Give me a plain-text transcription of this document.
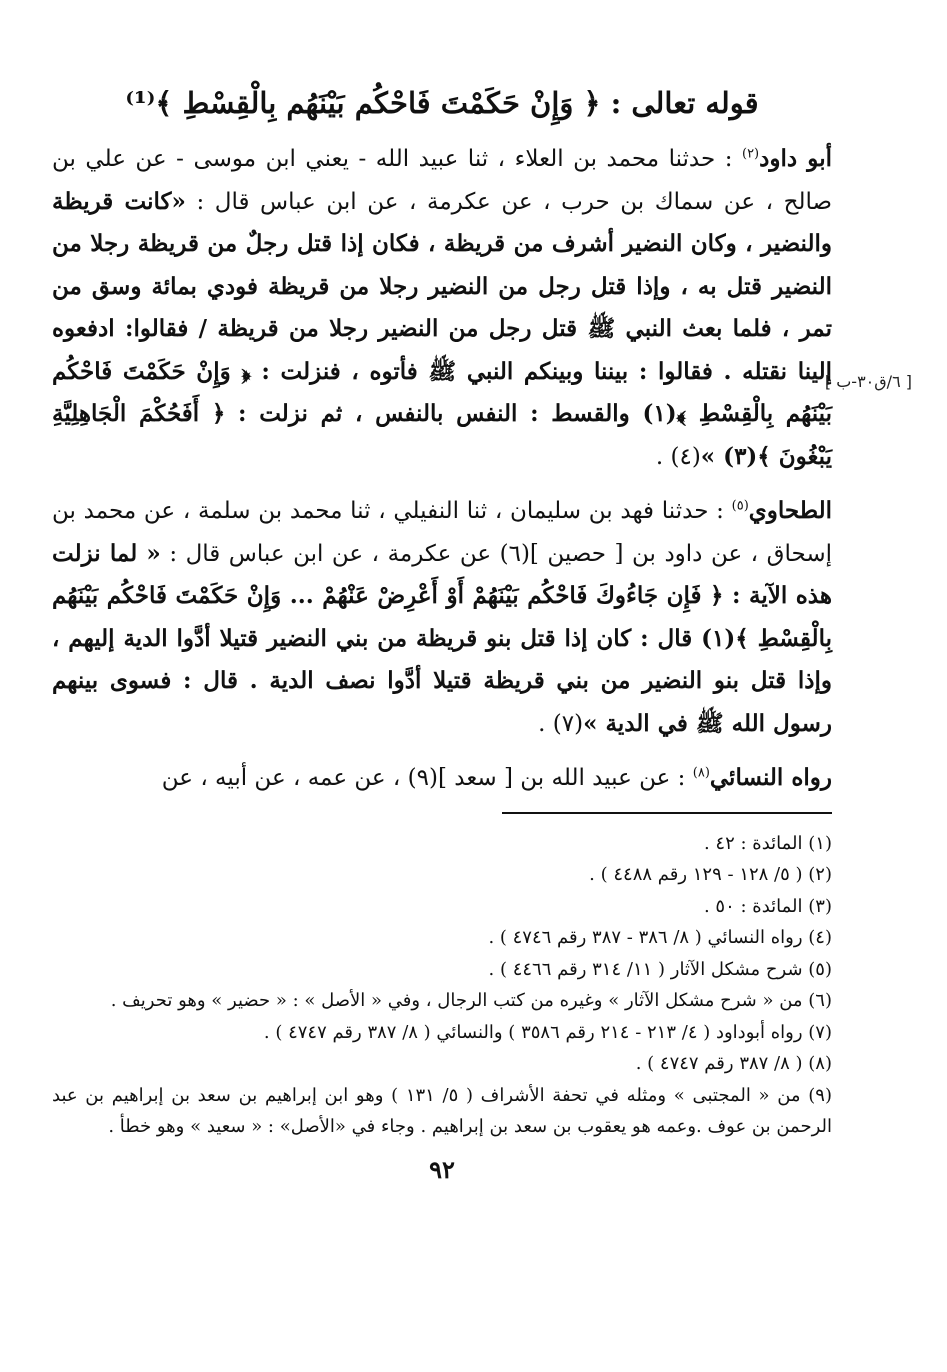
[ ٦/ق٣٠-ب ]
قوله تعالى : ﴿ وَإِنْ حَكَمْتَ فَاحْكُم بَيْنَهُم بِالْقِسْطِ ﴾⁽¹⁾

أبو داود$^{(٢)}$ : حدثنا محمد بن العلاء ، ثنا عبيد الله - يعني ابن موسى - عن علي بن صالح ، عن سماك بن حرب ، عن عكرمة ، عن ابن عباس قال : «كانت قريظة والنضير ، وكان النضير أشرف من قريظة ، فكان إذا قتل رجلٌ من قريظة رجلا من النضير قتل به ، وإذا قتل رجل من النضير رجلا من قريظة فودي بمائة وسق من تمر ، فلما بعث النبي ﷺ قتل رجل من النضير رجلا من قريظة / فقالوا: ادفعوه إلينا نقتله . فقالوا : بيننا وبينكم النبي ﷺ فأتوه ، فنزلت : ﴿ وَإِنْ حَكَمْتَ فَاحْكُم بَيْنَهُم بِالْقِسْطِ ﴾(١) والقسط : النفس بالنفس ، ثم نزلت : ﴿ أَفَحُكْمَ الْجَاهِلِيَّةِ يَبْغُونَ ﴾(٣) »(٤) .

الطحاوي$^{(٥)}$ : حدثنا فهد بن سليمان ، ثنا النفيلي ، ثنا محمد بن سلمة ، عن محمد بن إسحاق ، عن داود بن [ حصين ](٦) عن عكرمة ، عن ابن عباس قال : « لما نزلت هذه الآية : ﴿ فَإِن جَاءُوكَ فَاحْكُم بَيْنَهُمْ أَوْ أَعْرِضْ عَنْهُمْ ... وَإِنْ حَكَمْتَ فَاحْكُم بَيْنَهُم بِالْقِسْطِ ﴾(١) قال : كان إذا قتل بنو قريظة من بني النضير قتيلا أدَّوا الدية إليهم ، وإذا قتل بنو النضير من بني قريظة قتيلا أدَّوا نصف الدية . قال : فسوى بينهم رسول الله ﷺ في الدية »(٧) .

رواه النسائي$^{(٨)}$ : عن عبيد الله بن [ سعد ](٩) ، عن عمه ، عن أبيه ، عن

(١) المائدة : ٤٢ .

(٢) ( ٥/ ١٢٨ - ١٢٩ رقم ٤٤٨٨ ) .

(٣) المائدة : ٥٠ .

(٤) رواه النسائي ( ٨/ ٣٨٦ - ٣٨٧ رقم ٤٧٤٦ ) .

(٥) شرح مشكل الآثار ( ١١/ ٣١٤ رقم ٤٤٦٦ ) .

(٦) من « شرح مشكل الآثار » وغيره من كتب الرجال ، وفي « الأصل » : « حضير » وهو تحريف .

(٧) رواه أبوداود ( ٤/ ٢١٣ - ٢١٤ رقم ٣٥٨٦ ) والنسائي ( ٨/ ٣٨٧ رقم ٤٧٤٧ ) .

(٨) ( ٨/ ٣٨٧ رقم ٤٧٤٧ ) .

(٩) من « المجتبى » ومثله في تحفة الأشراف ( ٥/ ١٣١ ) وهو ابن إبراهيم بن سعد بن إبراهيم بن عبد الرحمن بن عوف .وعمه هو يعقوب بن سعد بن إبراهيم . وجاء في «الأصل» : « سعيد » وهو خطأ .

٩٢
